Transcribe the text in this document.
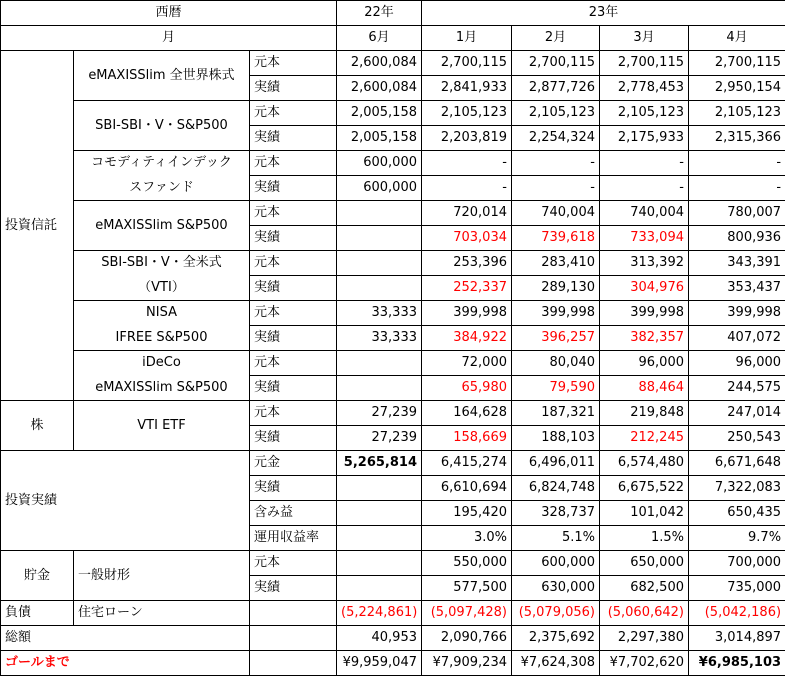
西暦			22年	23年			
月			6月	1月	2月	3月	4月
投資信託	eMAXISSlim 全世界株式	元本	2,600,084	2,700,115	2,700,115	2,700,115	2,700,115
		実績	2,600,084	2,841,933	2,877,726	2,778,453	2,950,154
	SBI-SBI・V・S&P500	元本	2,005,158	2,105,123	2,105,123	2,105,123	2,105,123
		実績	2,005,158	2,203,819	2,254,324	2,175,933	2,315,366
	コモディティインデック	元本	600,000	-	-	-	-
	スファンド	実績	600,000	-	-	-	-
	eMAXISSlim S&P500	元本		720,014	740,004	740,004	780,007
		実績		703,034	739,618	733,094	800,936
	SBI-SBI・V・全米式	元本		253,396	283,410	313,392	343,391
	（VTI）	実績		252,337	289,130	304,976	353,437
	NISA	元本	33,333	399,998	399,998	399,998	399,998
	IFREE S&P500	実績	33,333	384,922	396,257	382,357	407,072
	iDeCo	元本		72,000	80,040	96,000	96,000
	eMAXISSlim S&P500	実績		65,980	79,590	88,464	244,575
株	VTI ETF	元本	27,239	164,628	187,321	219,848	247,014
		実績	27,239	158,669	188,103	212,245	250,543
投資実績		元金	5,265,814	6,415,274	6,496,011	6,574,480	6,671,648
		実績		6,610,694	6,824,748	6,675,522	7,322,083
		含み益		195,420	328,737	101,042	650,435
		運用収益率		3.0%	5.1%	1.5%	9.7%
貯金	一般財形	元本		550,000	600,000	650,000	700,000
		実績		577,500	630,000	682,500	735,000
負債	住宅ローン		(5,224,861)	(5,097,428)	(5,079,056)	(5,060,642)	(5,042,186)
総額			40,953	2,090,766	2,375,692	2,297,380	3,014,897
ゴールまで			¥9,959,047	¥7,909,234	¥7,624,308	¥7,702,620	¥6,985,103
